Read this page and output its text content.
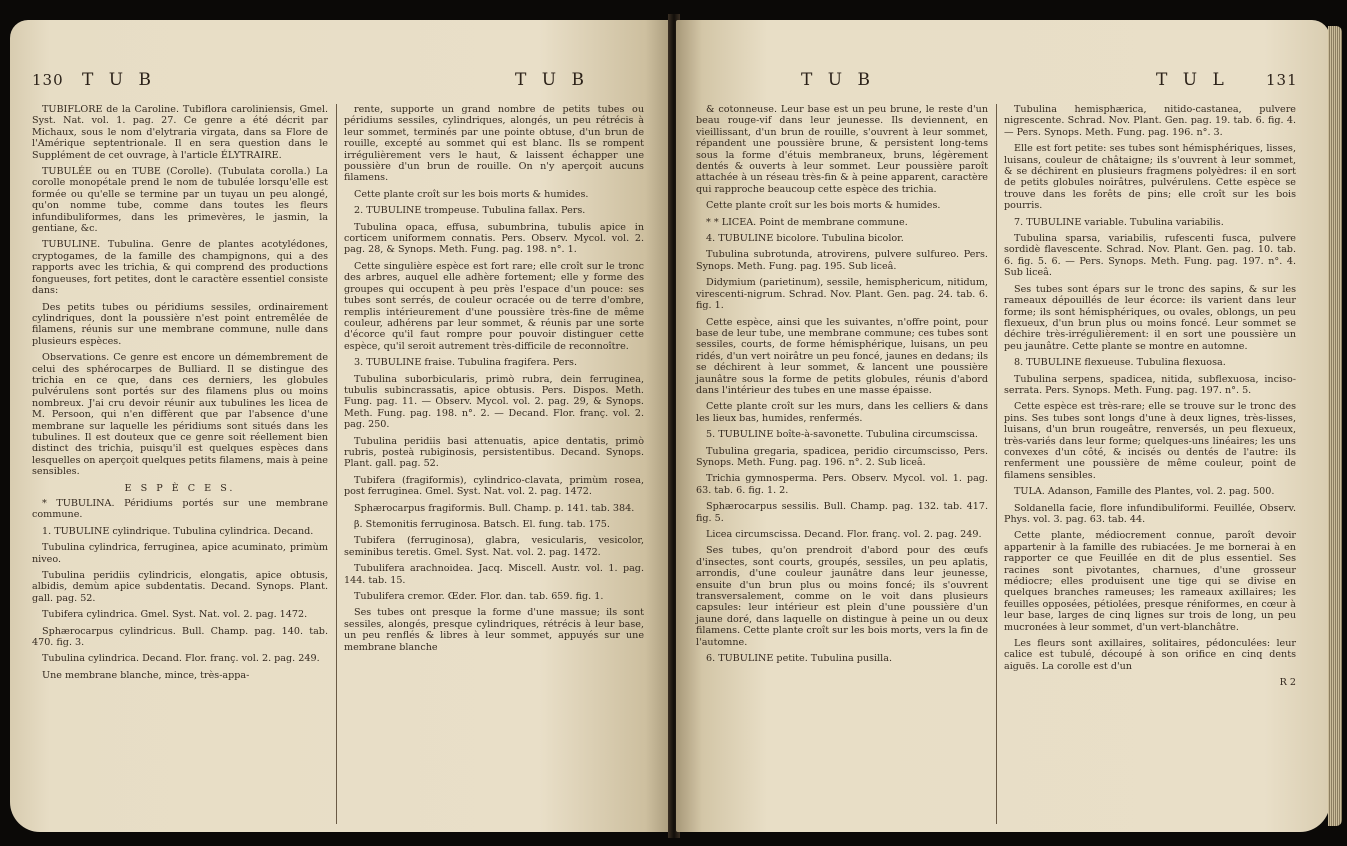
130 T U B	T U B

TUBIFLORE de la Caroline. Tubiflora caroliniensis, Gmel. Syst. Nat. vol. 1. pag. 27. Ce genre a été décrit par Michaux, sous le nom d'elytraria virgata, dans sa Flore de l'Amérique septentrionale. Il en sera question dans le Supplément de cet ouvrage, à l'article ÉLYTRAIRE.

TUBULÉE ou en TUBE (Corolle). (Tubulata corolla.) La corolle monopétale prend le nom de tubulée lorsqu'elle est formée ou qu'elle se termine par un tuyau un peu alongé, qu'on nomme tube, comme dans toutes les fleurs infundibuliformes, dans les primevères, le jasmin, la gentiane, &c.

TUBULINE. Tubulina. Genre de plantes acotylédones, cryptogames, de la famille des champignons, qui a des rapports avec les trichia, & qui comprend des productions fongueuses, fort petites, dont le caractère essentiel consiste dans:

Des petits tubes ou péridiums sessiles, ordinairement cylindriques, dont la poussière n'est point entremêlée de filamens, réunis sur une membrane commune, nulle dans plusieurs espèces.

Observations. Ce genre est encore un démembrement de celui des sphérocarpes de Bulliard. Il se distingue des trichia en ce que, dans ces derniers, les globules pulvérulens sont portés sur des filamens plus ou moins nombreux. J'ai cru devoir réunir aux tubulines les licea de M. Persoon, qui n'en diffèrent que par l'absence d'une membrane sur laquelle les péridiums sont situés dans les tubulines. Il est douteux que ce genre soit réellement bien distinct des trichia, puisqu'il est quelques espèces dans lesquelles on aperçoit quelques petits filamens, mais à peine sensibles.

E S P È C E S.

* TUBULINA. Péridiums portés sur une membrane commune.

1. TUBULINE cylindrique. Tubulina cylindrica. Decand.

Tubulina cylindrica, ferruginea, apice acuminato, primùm niveo.

Tubulina peridiis cylindricis, elongatis, apice obtusis, albidis, demùm apice subdentatis. Decand. Synops. Plant. gall. pag. 52.

Tubifera cylindrica. Gmel. Syst. Nat. vol. 2. pag. 1472.

Sphærocarpus cylindricus. Bull. Champ. pag. 140. tab. 470. fig. 3.

Tubulina cylindrica. Decand. Flor. franç. vol. 2. pag. 249.

Une membrane blanche, mince, très-appa-

rente, supporte un grand nombre de petits tubes ou péridiums sessiles, cylindriques, alongés, un peu rétrécis à leur sommet, terminés par une pointe obtuse, d'un brun de rouille, excepté au sommet qui est blanc. Ils se rompent irrégulièrement vers le haut, & laissent échapper une poussière d'un brun de rouille. On n'y aperçoit aucuns filamens.

Cette plante croît sur les bois morts & humides.

2. TUBULINE trompeuse. Tubulina fallax. Pers.

Tubulina opaca, effusa, subumbrina, tubulis apice in corticem uniformem connatis. Pers. Observ. Mycol. vol. 2. pag. 28, & Synops. Meth. Fung. pag. 198. n°. 1.

Cette singulière espèce est fort rare; elle croît sur le tronc des arbres, auquel elle adhère fortement; elle y forme des groupes qui occupent à peu près l'espace d'un pouce: ses tubes sont serrés, de couleur ocracée ou de terre d'ombre, remplis intérieurement d'une poussière très-fine de même couleur, adhérens par leur sommet, & réunis par une sorte d'écorce qu'il faut rompre pour pouvoir distinguer cette espèce, qu'il seroit autrement très-difficile de reconnoître.

3. TUBULINE fraise. Tubulina fragifera. Pers.

Tubulina suborbicularis, primò rubra, dein ferruginea, tubulis subincrassatis, apice obtusis. Pers. Dispos. Meth. Fung. pag. 11. — Observ. Mycol. vol. 2. pag. 29, & Synops. Meth. Fung. pag. 198. n°. 2. — Decand. Flor. franç. vol. 2. pag. 250.

Tubulina peridiis basi attenuatis, apice dentatis, primò rubris, posteà rubiginosis, persistentibus. Decand. Synops. Plant. gall. pag. 52.

Tubifera (fragiformis), cylindrico-clavata, primùm rosea, post ferruginea. Gmel. Syst. Nat. vol. 2. pag. 1472.

Sphærocarpus fragiformis. Bull. Champ. p. 141. tab. 384.

β. Stemonitis ferruginosa. Batsch. El. fung. tab. 175.

Tubifera (ferruginosa), glabra, vesicularis, vesicolor, seminibus teretis. Gmel. Syst. Nat. vol. 2. pag. 1472.

Tubulifera arachnoidea. Jacq. Miscell. Austr. vol. 1. pag. 144. tab. 15.

Tubulifera cremor. Œder. Flor. dan. tab. 659. fig. 1.

Ses tubes ont presque la forme d'une massue; ils sont sessiles, alongés, presque cylindriques, rétrécis à leur base, un peu renflés & libres à leur sommet, appuyés sur une membrane blanche

T U B	T U L 131

& cotonneuse. Leur base est un peu brune, le reste d'un beau rouge-vif dans leur jeunesse. Ils deviennent, en vieillissant, d'un brun de rouille, s'ouvrent à leur sommet, répandent une poussière brune, & persistent long-tems sous la forme d'étuis membraneux, bruns, légèrement dentés & ouverts à leur sommet. Leur poussière paroît attachée à un réseau très-fin & à peine apparent, caractère qui rapproche beaucoup cette espèce des trichia.

Cette plante croît sur les bois morts & humides.

* * LICEA. Point de membrane commune.

4. TUBULINE bicolore. Tubulina bicolor.

Tubulina subrotunda, atrovirens, pulvere sulfureo. Pers. Synops. Meth. Fung. pag. 195. Sub liceâ.

Didymium (parietinum), sessile, hemisphericum, nitidum, virescenti-nigrum. Schrad. Nov. Plant. Gen. pag. 24. tab. 6. fig. 1.

Cette espèce, ainsi que les suivantes, n'offre point, pour base de leur tube, une membrane commune; ces tubes sont sessiles, courts, de forme hémisphérique, luisans, un peu ridés, d'un vert noirâtre un peu foncé, jaunes en dedans; ils se déchirent à leur sommet, & lancent une poussière jaunâtre sous la forme de petits globules, réunis d'abord dans l'intérieur des tubes en une masse épaisse.

Cette plante croît sur les murs, dans les celliers & dans les lieux bas, humides, renfermés.

5. TUBULINE boîte-à-savonette. Tubulina circumscissa.

Tubulina gregaria, spadicea, peridio circumscisso, Pers. Synops. Meth. Fung. pag. 196. n°. 2. Sub liceâ.

Trichia gymnosperma. Pers. Observ. Mycol. vol. 1. pag. 63. tab. 6. fig. 1. 2.

Sphærocarpus sessilis. Bull. Champ. pag. 132. tab. 417. fig. 5.

Licea circumscissa. Decand. Flor. franç. vol. 2. pag. 249.

Ses tubes, qu'on prendroit d'abord pour des œufs d'insectes, sont courts, groupés, sessiles, un peu aplatis, arrondis, d'une couleur jaunâtre dans leur jeunesse, ensuite d'un brun plus ou moins foncé; ils s'ouvrent transversalement, comme on le voit dans plusieurs capsules: leur intérieur est plein d'une poussière d'un jaune doré, dans laquelle on distingue à peine un ou deux filamens. Cette plante croît sur les bois morts, vers la fin de l'automne.

6. TUBULINE petite. Tubulina pusilla.

Tubulina hemisphærica, nitido-castanea, pulvere nigrescente. Schrad. Nov. Plant. Gen. pag. 19. tab. 6. fig. 4. — Pers. Synops. Meth. Fung. pag. 196. n°. 3.

Elle est fort petite: ses tubes sont hémisphériques, lisses, luisans, couleur de châtaigne; ils s'ouvrent à leur sommet, & se déchirent en plusieurs fragmens polyèdres: il en sort de petits globules noirâtres, pulvérulens. Cette espèce se trouve dans les forêts de pins; elle croît sur les bois pourris.

7. TUBULINE variable. Tubulina variabilis.

Tubulina sparsa, variabilis, rufescenti fusca, pulvere sordidè flavescente. Schrad. Nov. Plant. Gen. pag. 10. tab. 6. fig. 5. 6. — Pers. Synops. Meth. Fung. pag. 197. n°. 4. Sub liceâ.

Ses tubes sont épars sur le tronc des sapins, & sur les rameaux dépouillés de leur écorce: ils varient dans leur forme; ils sont hémisphériques, ou ovales, oblongs, un peu flexueux, d'un brun plus ou moins foncé. Leur sommet se déchire très-irrégulièrement: il en sort une poussière un peu jaunâtre. Cette plante se montre en automne.

8. TUBULINE flexueuse. Tubulina flexuosa.

Tubulina serpens, spadicea, nitida, subflexuosa, inciso-serrata. Pers. Synops. Meth. Fung. pag. 197. n°. 5.

Cette espèce est très-rare; elle se trouve sur le tronc des pins. Ses tubes sont longs d'une à deux lignes, très-lisses, luisans, d'un brun rougeâtre, renversés, un peu flexueux, très-variés dans leur forme; quelques-uns linéaires; les uns convexes d'un côté, & incisés ou dentés de l'autre: ils renferment une poussière de même couleur, point de filamens sensibles.

TULA. Adanson, Famille des Plantes, vol. 2. pag. 500.

Soldanella facie, flore infundibuliformi. Feuillée, Observ. Phys. vol. 3. pag. 63. tab. 44.

Cette plante, médiocrement connue, paroît devoir appartenir à la famille des rubiacées. Je me bornerai à en rapporter ce que Feuillée en dit de plus essentiel. Ses racines sont pivotantes, charnues, d'une grosseur médiocre; elles produisent une tige qui se divise en quelques branches rameuses; les rameaux axillaires; les feuilles opposées, pétiolées, presque réniformes, en cœur à leur base, larges de cinq lignes sur trois de long, un peu mucronées à leur sommet, d'un vert-blanchâtre.

Les fleurs sont axillaires, solitaires, pédonculées: leur calice est tubulé, découpé à son orifice en cinq dents aiguës. La corolle est d'un

R 2
